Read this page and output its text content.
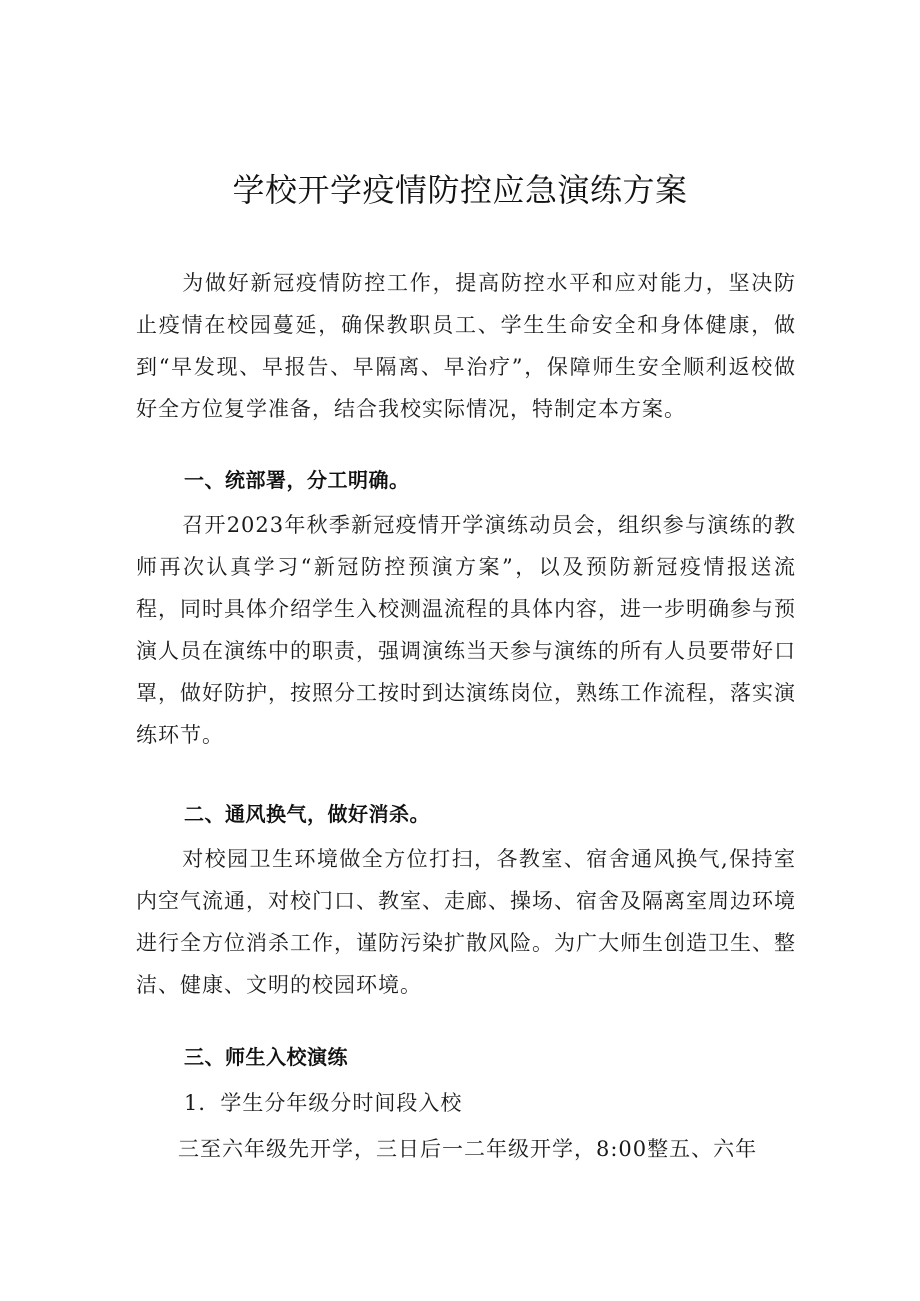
学校开学疫情防控应急演练方案
为做好新冠疫情防控工作，提高防控水平和应对能力，坚决防止疫情在校园蔓延，确保教职员工、学生生命安全和身体健康，做到“早发现、早报告、早隔离、早治疗”，保障师生安全顺利返校做好全方位复学准备，结合我校实际情况，特制定本方案。
一、统部署，分工明确。
召开2023年秋季新冠疫情开学演练动员会，组织参与演练的教师再次认真学习“新冠防控预演方案”，以及预防新冠疫情报送流程，同时具体介绍学生入校测温流程的具体内容，进一步明确参与预演人员在演练中的职责，强调演练当天参与演练的所有人员要带好口罩，做好防护，按照分工按时到达演练岗位，熟练工作流程，落实演练环节。
二、通风换气，做好消杀。
对校园卫生环境做全方位打扫，各教室、宿舍通风换气,保持室内空气流通，对校门口、教室、走廊、操场、宿舍及隔离室周边环境进行全方位消杀工作，谨防污染扩散风险。为广大师生创造卫生、整洁、健康、文明的校园环境。
三、师生入校演练
1．学生分年级分时间段入校
三至六年级先开学，三日后一二年级开学，8:00整五、六年
